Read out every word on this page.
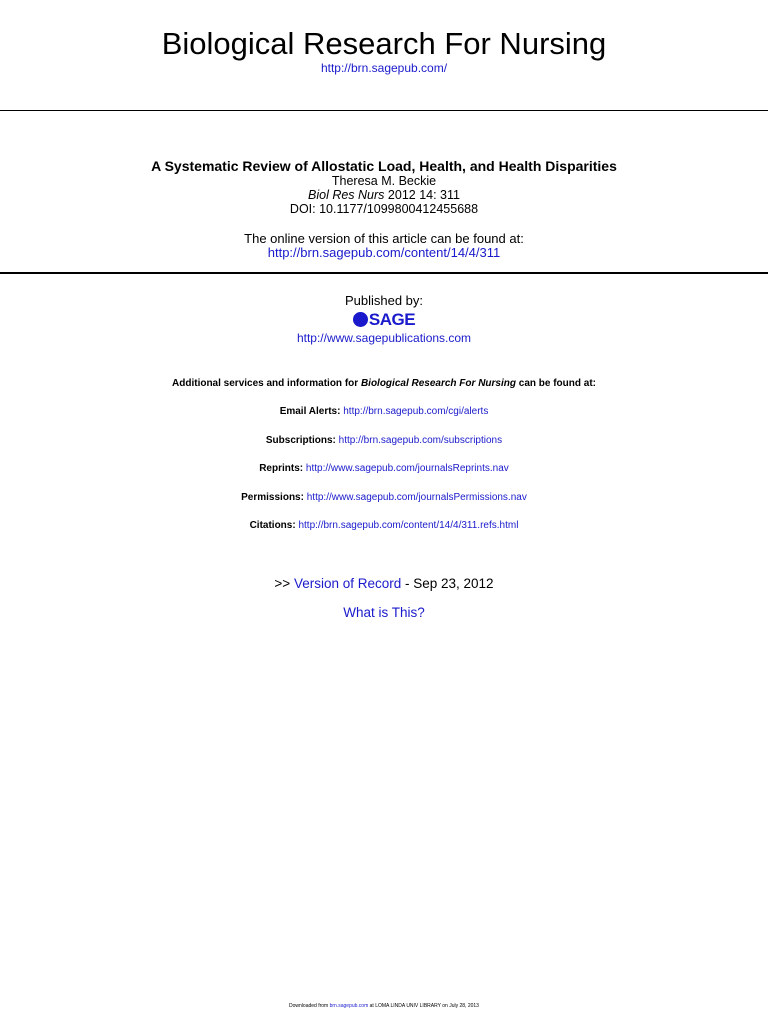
Biological Research For Nursing
http://brn.sagepub.com/
A Systematic Review of Allostatic Load, Health, and Health Disparities
Theresa M. Beckie
Biol Res Nurs 2012 14: 311
DOI: 10.1177/1099800412455688
The online version of this article can be found at:
http://brn.sagepub.com/content/14/4/311
Published by:
S SAGE
http://www.sagepublications.com
Additional services and information for Biological Research For Nursing can be found at:
Email Alerts: http://brn.sagepub.com/cgi/alerts
Subscriptions: http://brn.sagepub.com/subscriptions
Reprints: http://www.sagepub.com/journalsReprints.nav
Permissions: http://www.sagepub.com/journalsPermissions.nav
Citations: http://brn.sagepub.com/content/14/4/311.refs.html
>> Version of Record - Sep 23, 2012
What is This?
Downloaded from brn.sagepub.com at LOMA LINDA UNIV LIBRARY on July 28, 2013
